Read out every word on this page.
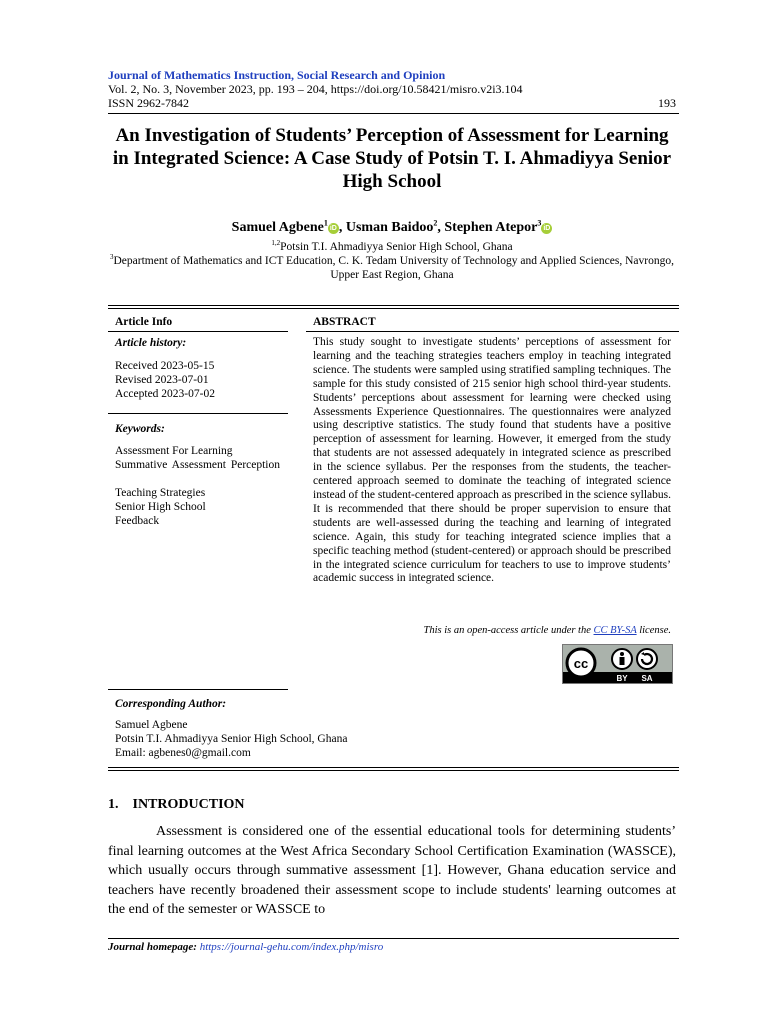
Journal of Mathematics Instruction, Social Research and Opinion
Vol. 2, No. 3, November 2023, pp. 193 – 204, https://doi.org/10.58421/misro.v2i3.104
ISSN 2962-7842	193
An Investigation of Students’ Perception of Assessment for Learning in Integrated Science: A Case Study of Potsin T. I. Ahmadiyya Senior High School
Samuel Agbene$^1$iD , Usman Baidoo$^2$, Stephen Atepor$^3$iD
$^{1,2}$Potsin T.I. Ahmadiyya Senior High School, Ghana
$^3$Department of Mathematics and ICT Education, C. K. Tedam University of Technology and Applied Sciences, Navrongo, Upper East Region, Ghana
Article Info
Article history:
Received 2023-05-15
Revised 2023-07-01
Accepted 2023-07-02
Keywords:
Assessment For Learning
Summative Assessment Perception
Teaching Strategies
Senior High School
Feedback
ABSTRACT
This study sought to investigate students’ perceptions of assessment for learning and the teaching strategies teachers employ in teaching integrated science. The students were sampled using stratified sampling techniques. The sample for this study consisted of 215 senior high school third-year students. Students’ perceptions about assessment for learning were checked using Assessments Experience Questionnaires. The questionnaires were analyzed using descriptive statistics. The study found that students have a positive perception of assessment for learning. However, it emerged from the study that students are not assessed adequately in integrated science as prescribed in the science syllabus. Per the responses from the students, the teacher-centered approach seemed to dominate the teaching of integrated science instead of the student-centered approach as prescribed in the science syllabus. It is recommended that there should be proper supervision to ensure that students are well-assessed during the teaching and learning of integrated science. Again, this study for teaching integrated science implies that a specific teaching method (student-centered) or approach should be prescribed in the integrated science curriculum for teachers to use to improve students’ academic success in integrated science.
This is an open-access article under the CC BY-SA license.
cc
BY SA
Corresponding Author:
Samuel Agbene
Potsin T.I. Ahmadiyya Senior High School, Ghana
Email: agbenes0@gmail.com
1.    INTRODUCTION
Assessment is considered one of the essential educational tools for determining students’ final learning outcomes at the West Africa Secondary School Certification Examination (WASSCE), which usually occurs through summative assessment [1]. However, Ghana education service and teachers have recently broadened their assessment scope to include students' learning outcomes at the end of the semester or WASSCE to
Journal homepage: https://journal-gehu.com/index.php/misro
